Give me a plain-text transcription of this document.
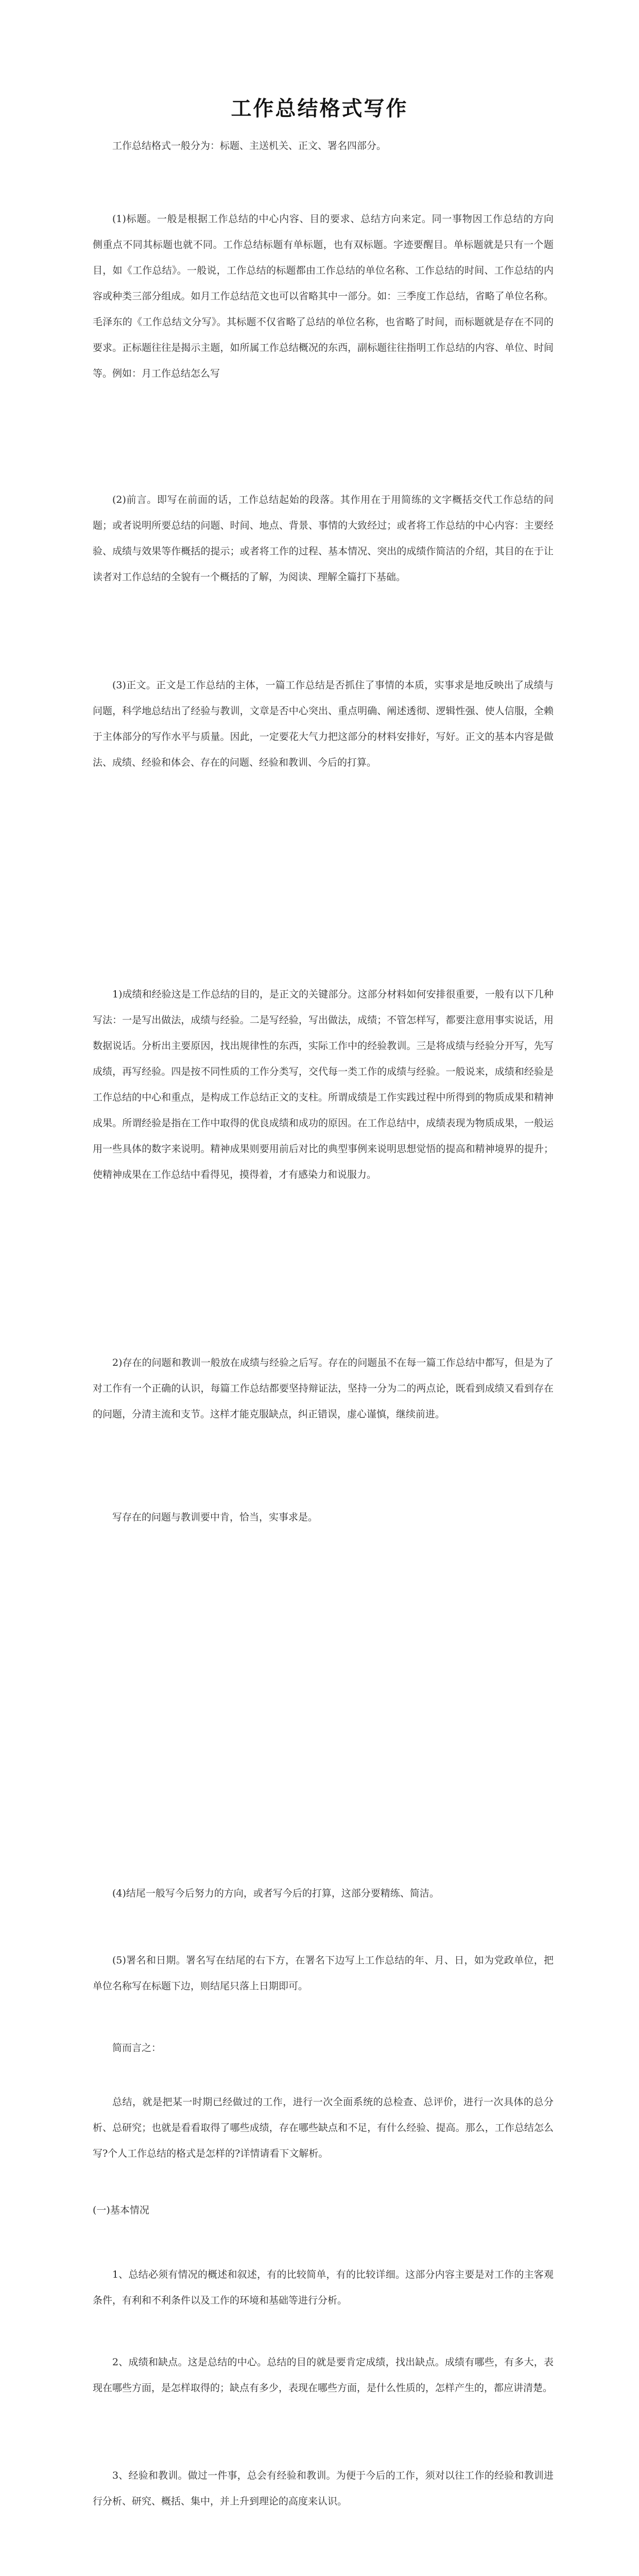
工作总结格式写作

工作总结格式一般分为：标题、主送机关、正文、署名四部分。

(1)标题。一般是根据工作总结的中心内容、目的要求、总结方向来定。同一事物因工作总结的方向　侧重点不同其标题也就不同。工作总结标题有单标题，也有双标题。字迹要醒目。单标题就是只有一个题目，如《工作总结》。一般说，工作总结的标题都由工作总结的单位名称、工作总结的时间、工作总结的内容或种类三部分组成。如月工作总结范文也可以省略其中一部分。如：三季度工作总结，省略了单位名称。毛泽东的《工作总结文分写》。其标题不仅省略了总结的单位名称，也省略了时间，而标题就是存在不同的要求。正标题往往是揭示主题，如所属工作总结概况的东西，副标题往往指明工作总结的内容、单位、时间等。例如：月工作总结怎么写

(2)前言。即写在前面的话，工作总结起始的段落。其作用在于用简练的文字概括交代工作总结的问题；或者说明所要总结的问题、时间、地点、背景、事情的大致经过；或者将工作总结的中心内容：主要经验、成绩与效果等作概括的提示；或者将工作的过程、基本情况、突出的成绩作简洁的介绍，其目的在于让读者对工作总结的全貌有一个概括的了解，为阅读、理解全篇打下基础。

(3)正文。正文是工作总结的主体，一篇工作总结是否抓住了事情的本质，实事求是地反映出了成绩与问题，科学地总结出了经验与教训，文章是否中心突出、重点明确、阐述透彻、逻辑性强、使人信服，全赖于主体部分的写作水平与质量。因此，一定要花大气力把这部分的材料安排好，写好。正文的基本内容是做法、成绩、经验和体会、存在的问题、经验和教训、今后的打算。

1)成绩和经验这是工作总结的目的，是正文的关键部分。这部分材料如何安排很重要，一般有以下几种写法：一是写出做法，成绩与经验。二是写经验，写出做法，成绩；不管怎样写，都要注意用事实说话，用数据说话。分析出主要原因，找出规律性的东西，实际工作中的经验教训。三是将成绩与经验分开写，先写成绩，再写经验。四是按不同性质的工作分类写，交代每一类工作的成绩与经验。一般说来，成绩和经验是工作总结的中心和重点，是构成工作总结正文的支柱。所谓成绩是工作实践过程中所得到的物质成果和精神成果。所谓经验是指在工作中取得的优良成绩和成功的原因。在工作总结中，成绩表现为物质成果，一般运用一些具体的数字来说明。精神成果则要用前后对比的典型事例来说明思想觉悟的提高和精神境界的提升；使精神成果在工作总结中看得见，摸得着，才有感染力和说服力。

2)存在的问题和教训一般放在成绩与经验之后写。存在的问题虽不在每一篇工作总结中都写，但是为了对工作有一个正确的认识，每篇工作总结都要坚持辩证法，坚持一分为二的两点论，既看到成绩又看到存在的问题，分清主流和支节。这样才能克服缺点，纠正错误，虚心谨慎，继续前进。

写存在的问题与教训要中肯，恰当，实事求是。

(4)结尾一般写今后努力的方向，或者写今后的打算，这部分要精练、简洁。

(5)署名和日期。署名写在结尾的右下方，在署名下边写上工作总结的年、月、日，如为党政单位，把单位名称写在标题下边，则结尾只落上日期即可。

简而言之：

总结，就是把某一时期已经做过的工作，进行一次全面系统的总检查、总评价，进行一次具体的总分析、总研究；也就是看看取得了哪些成绩，存在哪些缺点和不足，有什么经验、提高。那么，工作总结怎么写?个人工作总结的格式是怎样的?详情请看下文解析。

(一)基本情况

1、总结必须有情况的概述和叙述，有的比较简单，有的比较详细。这部分内容主要是对工作的主客观条件，有利和不利条件以及工作的环境和基础等进行分析。

2、成绩和缺点。这是总结的中心。总结的目的就是要肯定成绩，找出缺点。成绩有哪些，有多大，表现在哪些方面，是怎样取得的；缺点有多少，表现在哪些方面，是什么性质的，怎样产生的，都应讲清楚。

3、经验和教训。做过一件事，总会有经验和教训。为便于今后的工作，须对以往工作的经验和教训进行分析、研究、概括、集中，并上升到理论的高度来认识。
